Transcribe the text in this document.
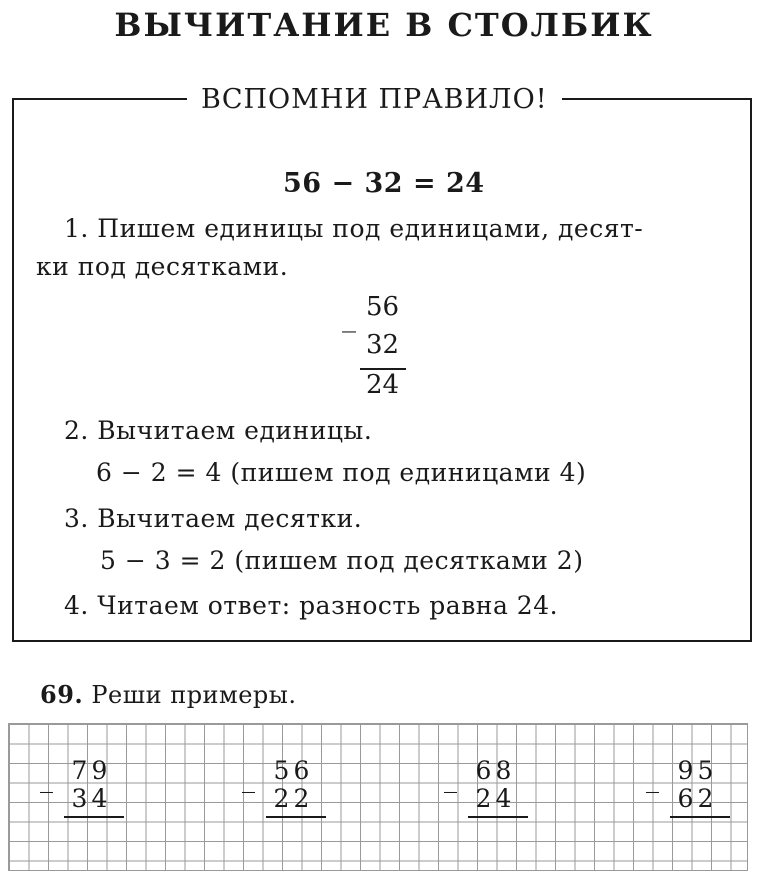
ВЫЧИТАНИЕ В СТОЛБИК
ВСПОМНИ ПРАВИЛО!
56 − 32 = 24
1. Пишем единицы под единицами, десят-
ки под десятками.
_ 56
32
24
2. Вычитаем единицы.
6 − 2 = 4 (пишем под единицами 4)
3. Вычитаем десятки.
5 − 3 = 2 (пишем под десятками 2)
4. Читаем ответ: разность равна 24.
69. Реши примеры.
_ 7 9
3 4
_ 5 6
2 2
_ 6 8
2 4
_ 9 5
6 2
